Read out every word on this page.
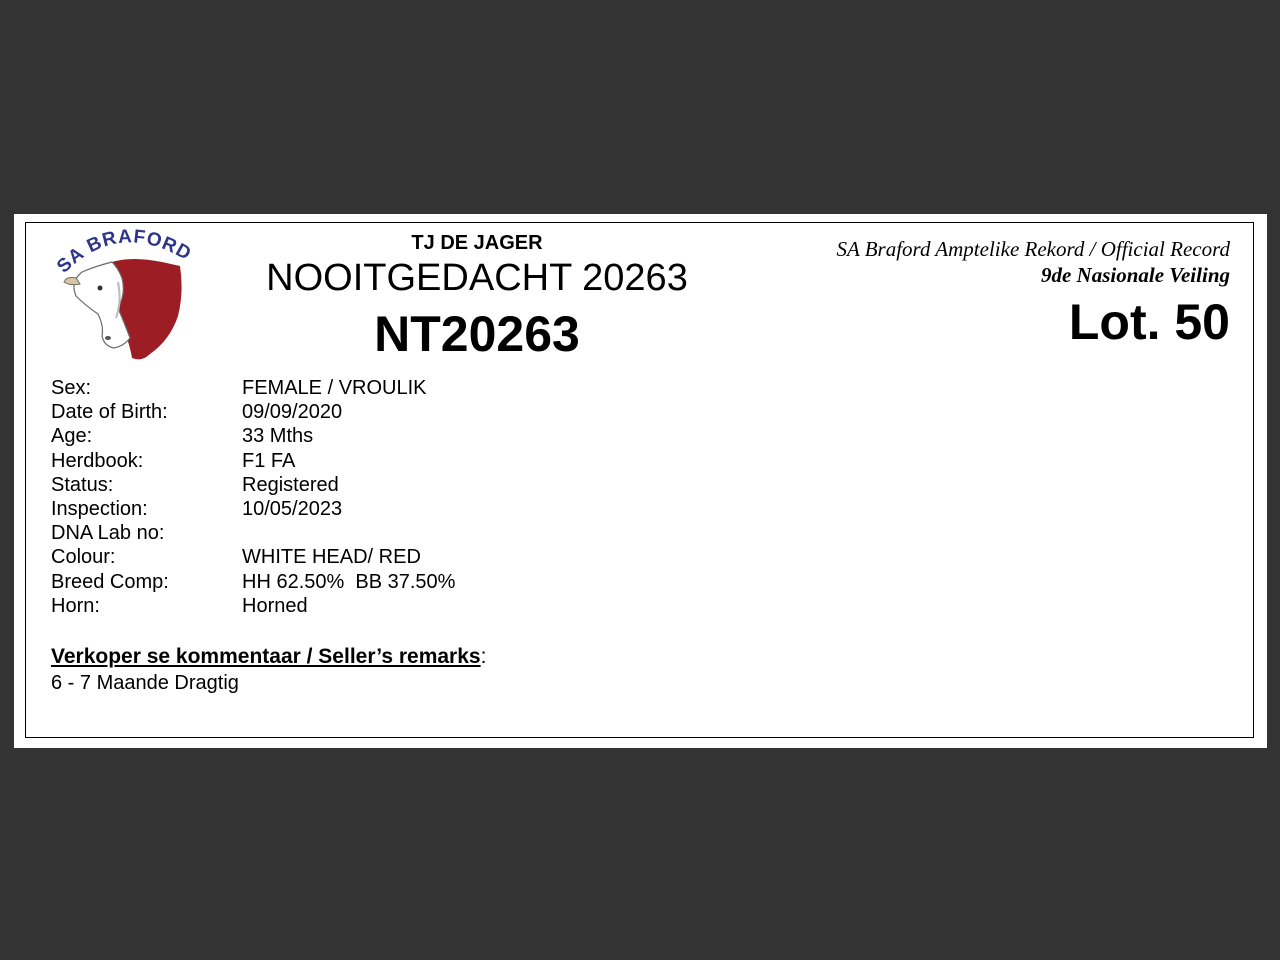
SA BRAFORD	TJ DE JAGER
NOOITGEDACHT 20263
NT20263
SA Braford Amptelike Rekord / Official Record
9de Nasionale Veiling
Lot. 50
Sex:	FEMALE / VROULIK
Date of Birth:	09/09/2020
Age:	33 Mths
Herdbook:	F1 FA
Status:	Registered
Inspection:	10/05/2023
DNA Lab no:
Colour:	WHITE HEAD/ RED
Breed Comp:	HH 62.50%  BB 37.50%
Horn:	Horned
Verkoper se kommentaar / Seller’s remarks:
6 - 7 Maande Dragtig
